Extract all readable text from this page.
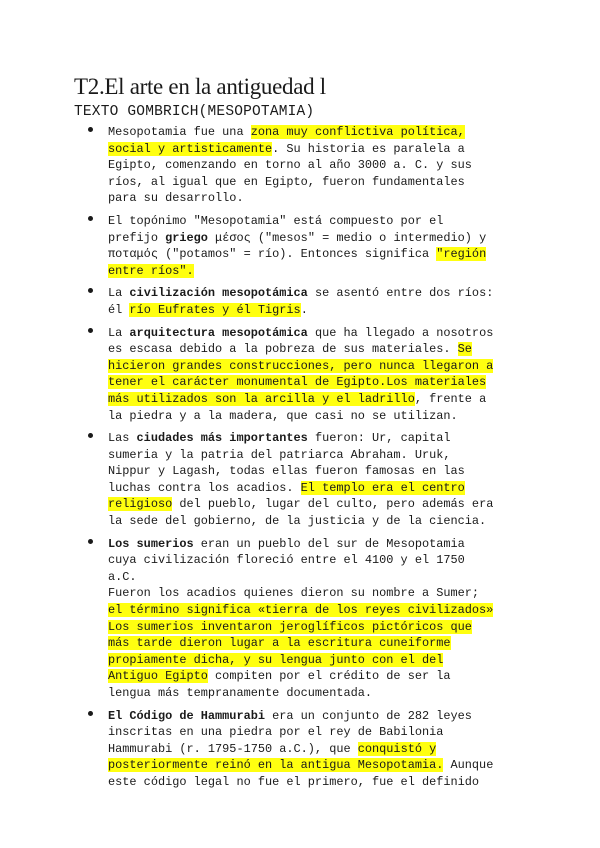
T2.El arte en la antiguedad l
TEXTO GOMBRICH(MESOPOTAMIA)
Mesopotamia fue una zona muy conflictiva política,
social y artisticamente. Su historia es paralela a
Egipto, comenzando en torno al año 3000 a. C. y sus
ríos, al igual que en Egipto, fueron fundamentales
para su desarrollo.
El topónimo "Mesopotamia" está compuesto por el
prefijo griego μέσος ("mesos" = medio o intermedio) y
ποταμός ("potamos" = río). Entonces significa "región
entre ríos".
La civilización mesopotámica se asentó entre dos ríos:
él río Eufrates y él Tigris.
La arquitectura mesopotámica que ha llegado a nosotros
es escasa debido a la pobreza de sus materiales. Se
hicieron grandes construcciones, pero nunca llegaron a
tener el carácter monumental de Egipto.Los materiales
más utilizados son la arcilla y el ladrillo, frente a
la piedra y a la madera, que casi no se utilizan.
Las ciudades más importantes fueron: Ur, capital
sumeria y la patria del patriarca Abraham. Uruk,
Nippur y Lagash, todas ellas fueron famosas en las
luchas contra los acadios. El templo era el centro
religioso del pueblo, lugar del culto, pero además era
la sede del gobierno, de la justicia y de la ciencia.
Los sumerios eran un pueblo del sur de Mesopotamia
cuya civilización floreció entre el 4100 y el 1750
a.C.
Fueron los acadios quienes dieron su nombre a Sumer;
el término significa «tierra de los reyes civilizados»
Los sumerios inventaron jeroglíficos pictóricos que
más tarde dieron lugar a la escritura cuneiforme
propiamente dicha, y su lengua junto con el del
Antiguo Egipto compiten por el crédito de ser la
lengua más tempranamente documentada.
El Código de Hammurabi era un conjunto de 282 leyes
inscritas en una piedra por el rey de Babilonia
Hammurabi (r. 1795-1750 a.C.), que conquistó y
posteriormente reinó en la antigua Mesopotamia. Aunque
este código legal no fue el primero, fue el definido
